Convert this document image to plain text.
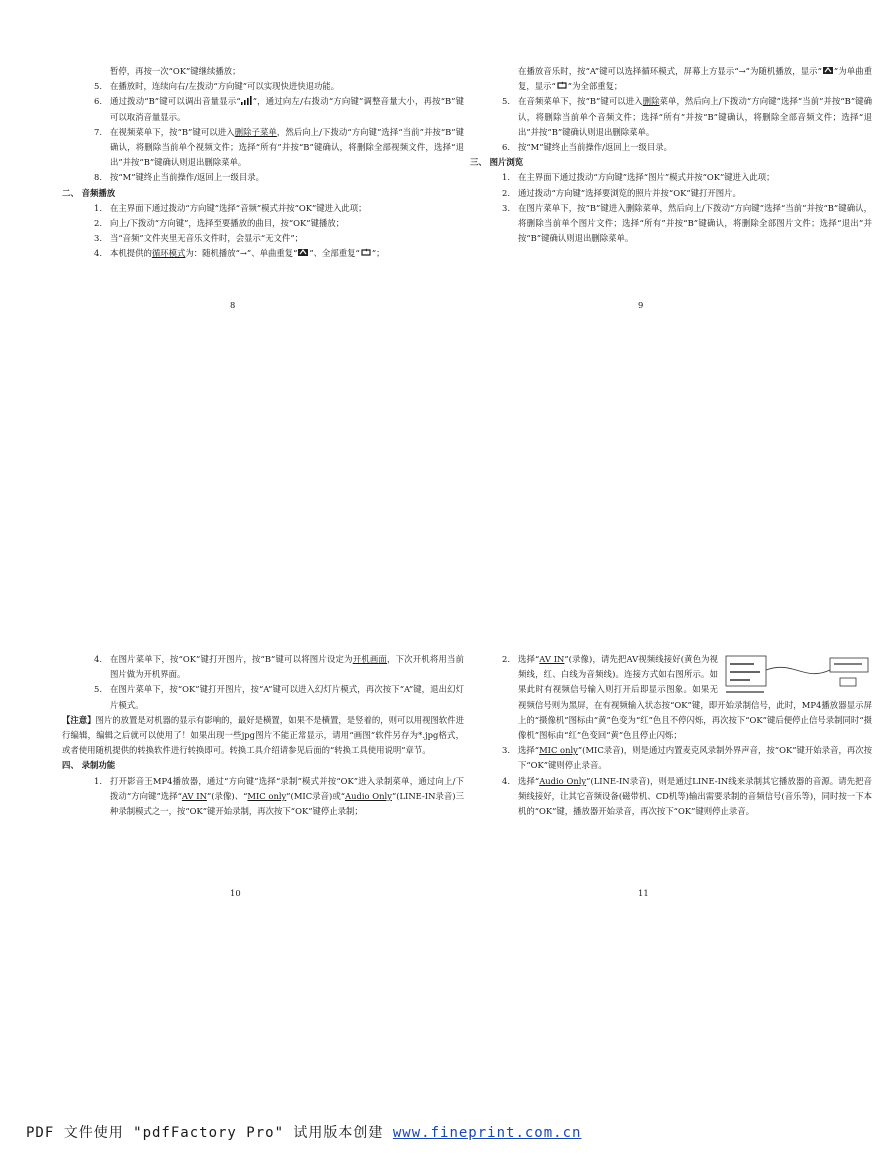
暂停，再按一次“OK”键继续播放；
5. 在播放时，连续向右/左拨动“方向键”可以实现快进快退功能。
6. 通过拨动“B”键可以调出音量显示“ ”，通过向左/右拨动“方向键”调整音量大小，再按“B”键可以取消音量显示。
7. 在视频菜单下，按“B”键可以进入删除子菜单，然后向上/下拨动“方向键”选择“当前”并按“B”键确认，将删除当前单个视频文件；选择“所有”并按“B”键确认，将删除全部视频文件，选择“退出”并按“B”键确认则退出删除菜单。
8. 按“M”键终止当前操作/返回上一级目录。
二、 音频播放
1. 在主界面下通过拨动“方向键”选择“音频”模式并按“OK”键进入此项；
2. 向上/下拨动“方向键”，选择至要播放的曲目，按“OK”键播放；
3. 当“音频”文件夹里无音乐文件时，会显示“无文件”；
4. 本机提供的循环模式为：随机播放“→”、单曲重复“ ”、全部重复“ ”；
8
在播放音乐时，按“A”键可以选择循环模式，屏幕上方显示“→”为随机播放，显示“ ”为单曲重复，显示“ ”为全部重复；
5. 在音频菜单下，按“B”键可以进入删除菜单，然后向上/下拨动“方向键”选择“当前”并按“B”键确认，将删除当前单个音频文件；选择“所有”并按“B”键确认，将删除全部音频文件；选择“退出”并按“B”键确认则退出删除菜单。
6. 按“M”键终止当前操作/返回上一级目录。
三、 图片浏览
1. 在主界面下通过拨动“方向键”选择“图片”模式并按“OK”键进入此项；
2. 通过拨动“方向键”选择要浏览的照片并按“OK”键打开图片。
3. 在图片菜单下，按“B”键进入删除菜单，然后向上/下拨动“方向键”选择“当前”并按“B”键确认，将删除当前单个图片文件；选择“所有”并按“B”键确认，将删除全部图片文件；选择“退出”并按“B”键确认则退出删除菜单。
9
4. 在图片菜单下，按“OK”键打开图片，按“B”键可以将图片设定为开机画面，下次开机将用当前图片做为开机界面。
5. 在图片菜单下，按“OK”键打开图片，按“A”键可以进入幻灯片模式，再次按下“A”键，退出幻灯片模式。
【注意】图片的放置是对机器的显示有影响的，最好是横置，如果不是横置，是竖着的，则可以用视图软件进行编辑，编辑之后就可以使用了！如果出现一些jpg图片不能正常显示，请用“画图”软件另存为*.jpg格式，或者使用随机提供的转换软件进行转换即可。转换工具介绍请参见后面的“转换工具使用说明”章节。
四、 录制功能
1. 打开影音王MP4播放器，通过“方向键”选择“录制”模式并按“OK”进入录制菜单，通过向上/下拨动“方向键”选择“AV IN”(录像)、“MIC only”(MIC录音)或“Audio Only”(LINE-IN录音)三种录制模式之一，按“OK”键开始录制，再次按下“OK”键停止录制；
10
2. 选择“AV IN”(录像)，请先把AV视频线接好(黄色为视频线，红、白线为音频线)。连接方式如右图所示。如果此时有视频信号输入则打开后即显示图象。如果无视频信号则为黑屏，在有视频输入状态按“OK”键，即开始录制信号，此时，MP4播放器显示屏上的“摄像机”图标由“黄”色变为“红”色且不停闪烁，再次按下“OK”键后便停止信号录制同时“摄像机”图标由“红”色变回“黄”色且停止闪烁；
3. 选择“MIC only”(MIC录音)，则是通过内置麦克风录制外界声音，按“OK”键开始录音，再次按下“OK”键则停止录音。
4. 选择“Audio Only”(LINE-IN录音)，则是通过LINE-IN线来录制其它播放器的音源。请先把音频线接好，让其它音频设备(磁带机、CD机等)输出需要录制的音频信号(音乐等)，同时按一下本机的“OK”键，播放器开始录音，再次按下“OK”键则停止录音。
11
PDF 文件使用 "pdfFactory Pro" 试用版本创建 www.fineprint.com.cn
